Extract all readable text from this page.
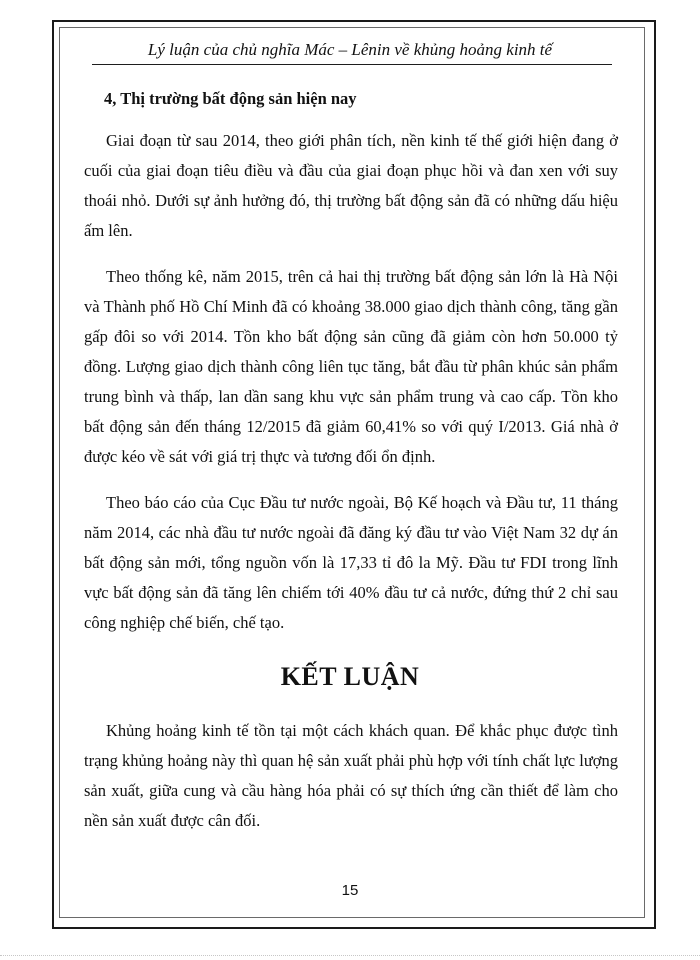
Lý luận của chủ nghĩa Mác – Lênin về khủng hoảng kinh tế
4, Thị trường bất động sản hiện nay

Giai đoạn từ sau 2014, theo giới phân tích, nền kinh tế thế giới hiện đang ở cuối của giai đoạn tiêu điều và đầu của giai đoạn phục hồi và đan xen với suy thoái nhỏ. Dưới sự ảnh hưởng đó, thị trường bất động sản đã có những dấu hiệu ấm lên.

Theo thống kê, năm 2015, trên cả hai thị trường bất động sản lớn là Hà Nội và Thành phố Hồ Chí Minh đã có khoảng 38.000 giao dịch thành công, tăng gần gấp đôi so với 2014. Tồn kho bất động sản cũng đã giảm còn hơn 50.000 tỷ đồng. Lượng giao dịch thành công liên tục tăng, bắt đầu từ phân khúc sản phẩm trung bình và thấp, lan dần sang khu vực sản phẩm trung và cao cấp. Tồn kho bất động sản đến tháng 12/2015 đã giảm 60,41% so với quý I/2013. Giá nhà ở được kéo về sát với giá trị thực và tương đối ổn định.

Theo báo cáo của Cục Đầu tư nước ngoài, Bộ Kế hoạch và Đầu tư, 11 tháng năm 2014, các nhà đầu tư nước ngoài đã đăng ký đầu tư vào Việt Nam 32 dự án bất động sản mới, tổng nguồn vốn là 17,33 tỉ đô la Mỹ. Đầu tư FDI trong lĩnh vực bất động sản đã tăng lên chiếm tới 40% đầu tư cả nước, đứng thứ 2 chỉ sau công nghiệp chế biến, chế tạo.

KẾT LUẬN

Khủng hoảng kinh tế tồn tại một cách khách quan. Để khắc phục được tình trạng khủng hoảng này thì quan hệ sản xuất phải phù hợp với tính chất lực lượng sản xuất, giữa cung và cầu hàng hóa phải có sự thích ứng cần thiết để làm cho nền sản xuất được cân đối.

15
